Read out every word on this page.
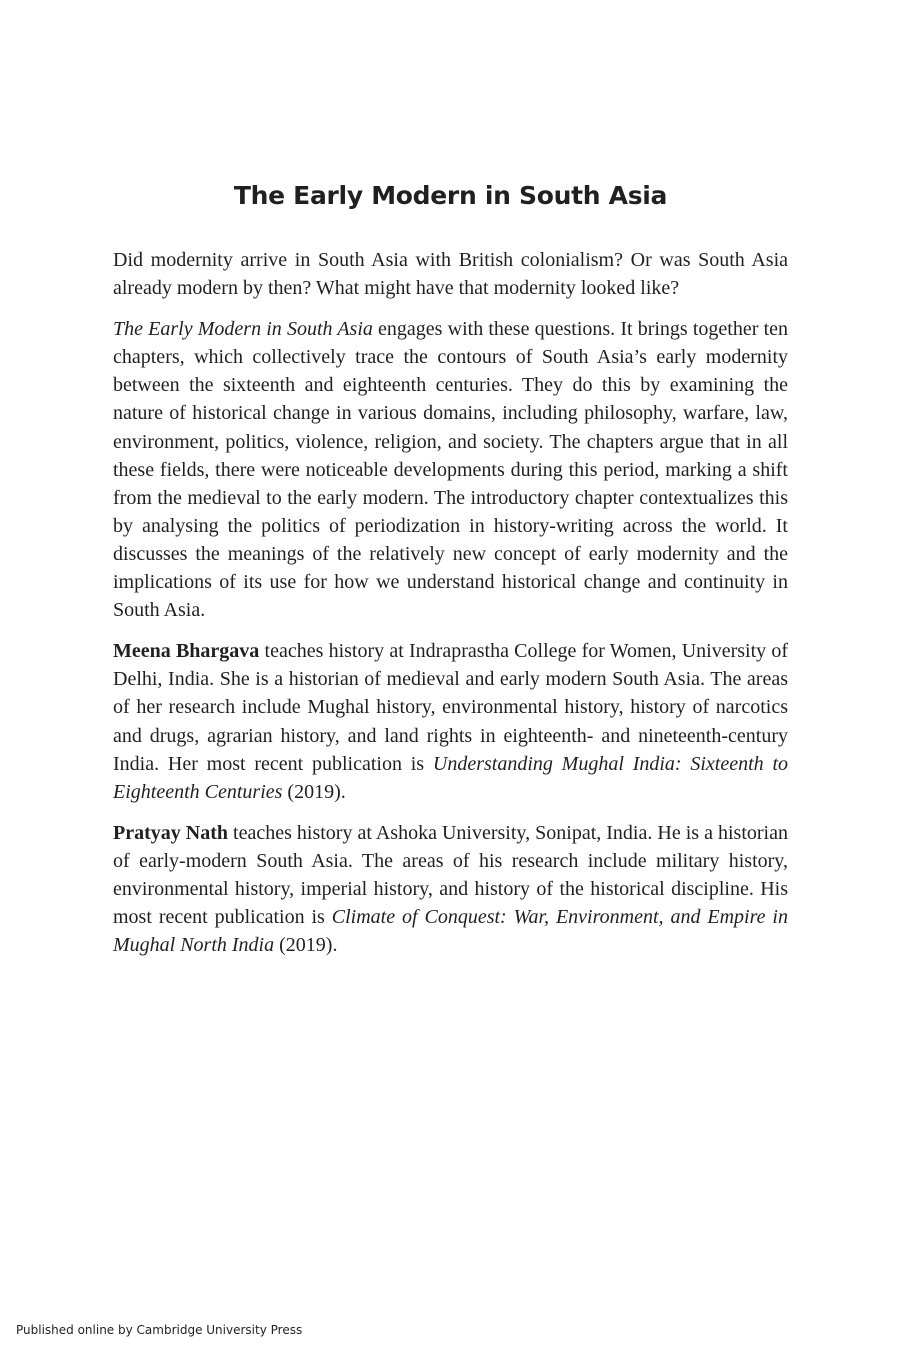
The Early Modern in South Asia

Did modernity arrive in South Asia with British colonialism? Or was South Asia already modern by then? What might have that modernity looked like?

The Early Modern in South Asia engages with these questions. It brings together ten chapters, which collectively trace the contours of South Asia’s early modernity between the sixteenth and eighteenth centuries. They do this by examining the nature of historical change in various domains, including philosophy, warfare, law, environment, politics, violence, religion, and society. The chapters argue that in all these fields, there were noticeable developments during this period, marking a shift from the medieval to the early modern. The introductory chapter contextualizes this by analysing the politics of periodization in history-writing across the world. It discusses the meanings of the relatively new concept of early modernity and the implications of its use for how we understand historical change and continuity in South Asia.

Meena Bhargava teaches history at Indraprastha College for Women, University of Delhi, India. She is a historian of medieval and early modern South Asia. The areas of her research include Mughal history, environmental history, history of narcotics and drugs, agrarian history, and land rights in eighteenth- and nineteenth-century India. Her most recent publication is Understanding Mughal India: Sixteenth to Eighteenth Centuries (2019).

Pratyay Nath teaches history at Ashoka University, Sonipat, India. He is a historian of early-modern South Asia. The areas of his research include military history, environmental history, imperial history, and history of the historical discipline. His most recent publication is Climate of Conquest: War, Environment, and Empire in Mughal North India (2019).

Published online by Cambridge University Press
